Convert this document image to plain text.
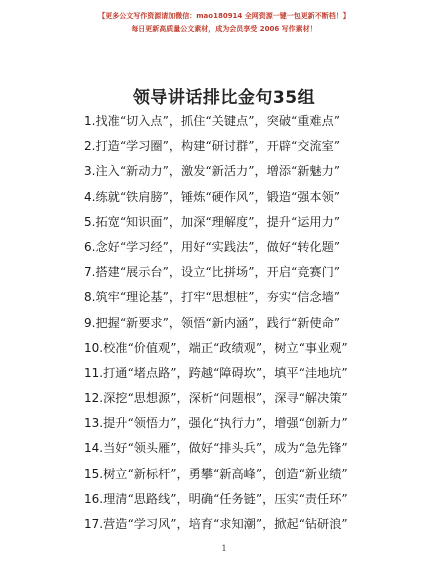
【更多公文写作资源请加微信：mao180914 全网资源一键一包更新不断档！】
每日更新高质量公文素材，成为会员享受 2006 写作素材！
领导讲话排比金句35组
1.找准“切入点”，抓住“关键点”，突破“重难点”
2.打造“学习圈”，构建“研讨群”，开辟“交流室”
3.注入“新动力”，激发“新活力”，增添“新魅力”
4.练就“铁肩膀”，锤炼“硬作风”，锻造“强本领”
5.拓宽“知识面”，加深“理解度”，提升“运用力”
6.念好“学习经”，用好“实践法”，做好“转化题”
7.搭建“展示台”，设立“比拼场”，开启“竞赛门”
8.筑牢“理论基”，打牢“思想桩”，夯实“信念墙”
9.把握“新要求”，领悟“新内涵”，践行“新使命”
10.校准“价值观”，端正“政绩观”，树立“事业观”
11.打通“堵点路”，跨越“障碍坎”，填平“洼地坑”
12.深挖“思想源”，深析“问题根”，深寻“解决策”
13.提升“领悟力”，强化“执行力”，增强“创新力”
14.当好“领头雁”，做好“排头兵”，成为“急先锋”
15.树立“新标杆”，勇攀“新高峰”，创造“新业绩”
16.理清“思路线”，明确“任务链”，压实“责任环”
17.营造“学习风”，培育“求知潮”，掀起“钻研浪”
1
